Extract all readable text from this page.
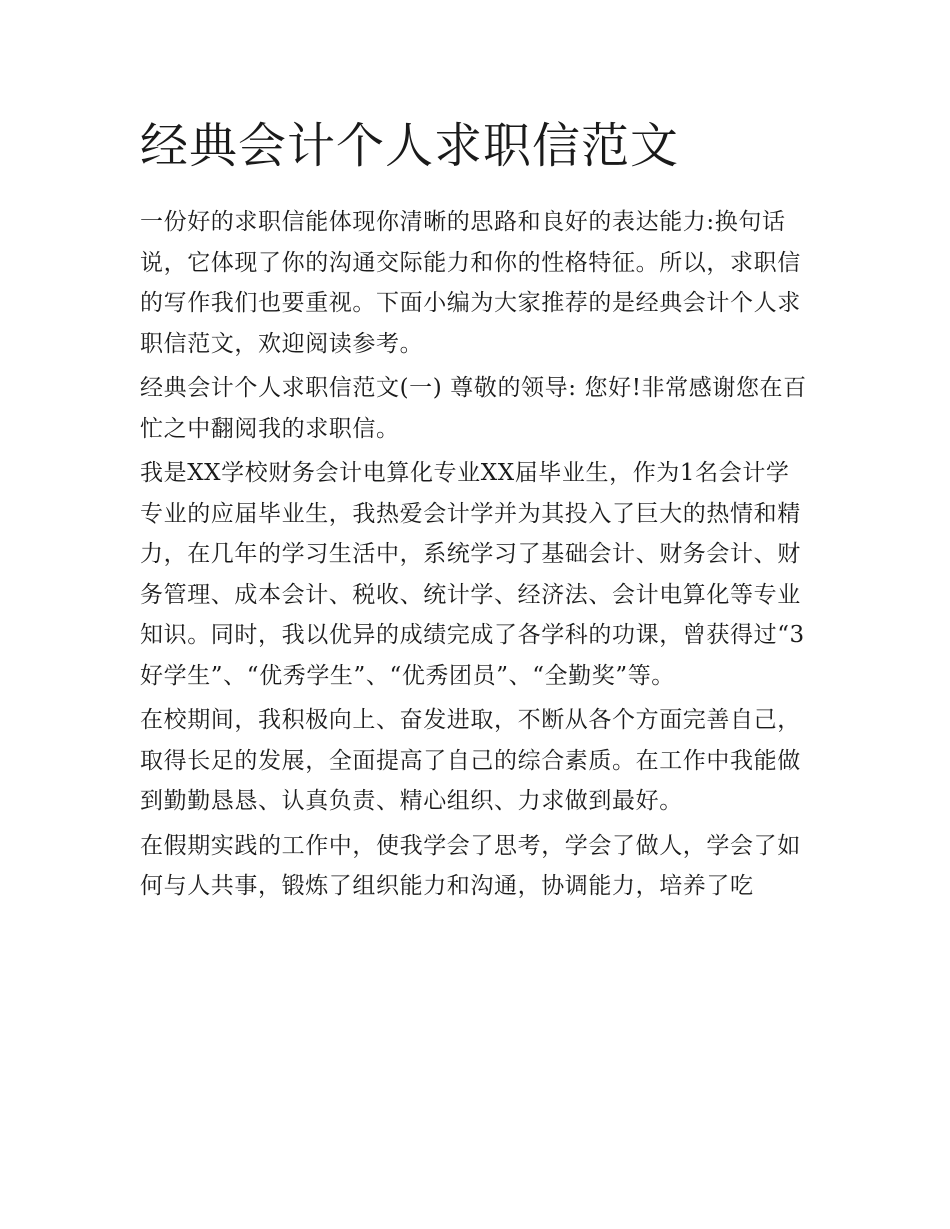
经典会计个人求职信范文

一份好的求职信能体现你清晰的思路和良好的表达能力:换句话说，它体现了你的沟通交际能力和你的性格特征。所以，求职信的写作我们也要重视。下面小编为大家推荐的是经典会计个人求职信范文，欢迎阅读参考。

经典会计个人求职信范文(一) 尊敬的领导: 您好!非常感谢您在百忙之中翻阅我的求职信。

我是XX学校财务会计电算化专业XX届毕业生，作为1名会计学专业的应届毕业生，我热爱会计学并为其投入了巨大的热情和精力，在几年的学习生活中，系统学习了基础会计、财务会计、财务管理、成本会计、税收、统计学、经济法、会计电算化等专业知识。同时，我以优异的成绩完成了各学科的功课，曾获得过“3好学生”、“优秀学生”、“优秀团员”、“全勤奖”等。

在校期间，我积极向上、奋发进取，不断从各个方面完善自己，取得长足的发展，全面提高了自己的综合素质。在工作中我能做到勤勤恳恳、认真负责、精心组织、力求做到最好。

在假期实践的工作中，使我学会了思考，学会了做人，学会了如何与人共事，锻炼了组织能力和沟通，协调能力，培养了吃
